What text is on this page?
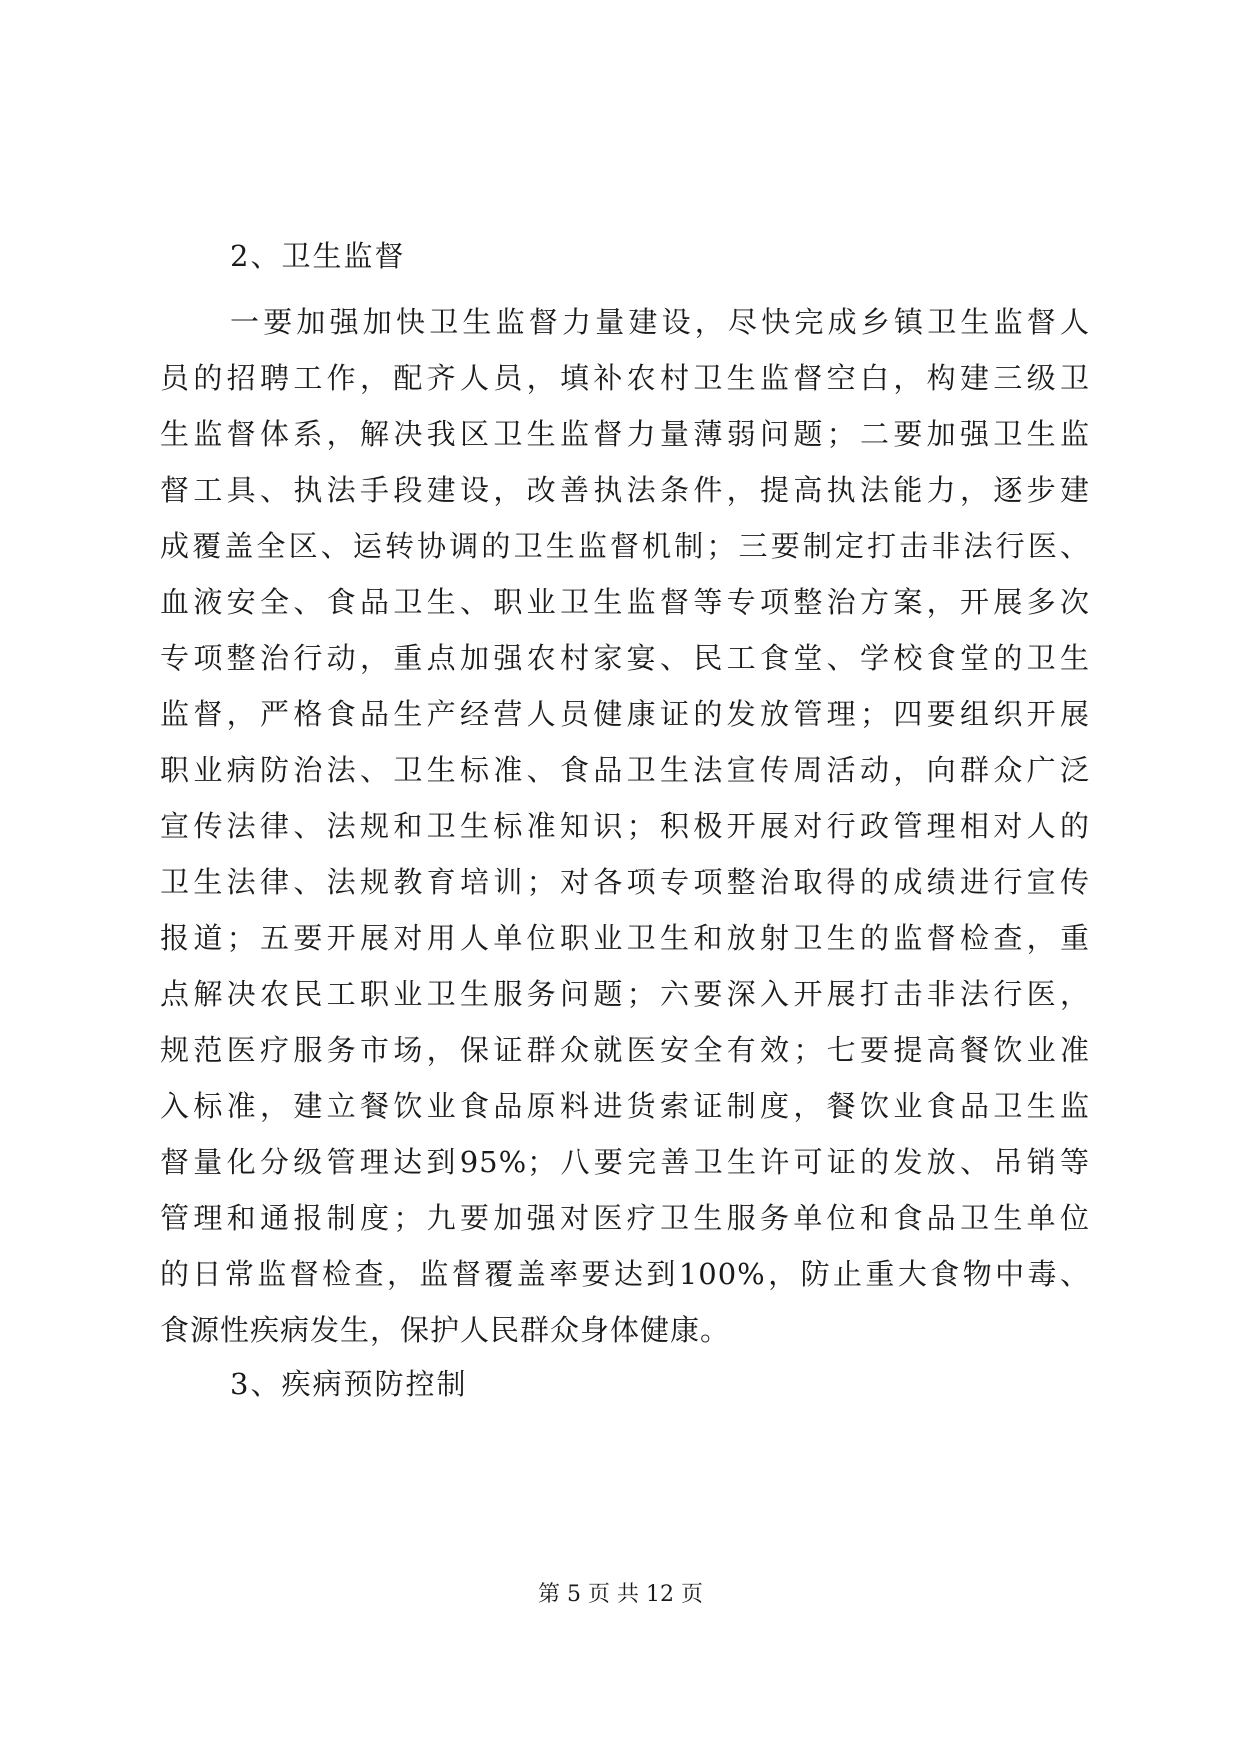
2、卫生监督
一要加强加快卫生监督力量建设，尽快完成乡镇卫生监督人
员的招聘工作，配齐人员，填补农村卫生监督空白，构建三级卫
生监督体系，解决我区卫生监督力量薄弱问题；二要加强卫生监
督工具、执法手段建设，改善执法条件，提高执法能力，逐步建
成覆盖全区、运转协调的卫生监督机制；三要制定打击非法行医、
血液安全、食品卫生、职业卫生监督等专项整治方案，开展多次
专项整治行动，重点加强农村家宴、民工食堂、学校食堂的卫生
监督，严格食品生产经营人员健康证的发放管理；四要组织开展
职业病防治法、卫生标准、食品卫生法宣传周活动，向群众广泛
宣传法律、法规和卫生标准知识；积极开展对行政管理相对人的
卫生法律、法规教育培训；对各项专项整治取得的成绩进行宣传
报道；五要开展对用人单位职业卫生和放射卫生的监督检查，重
点解决农民工职业卫生服务问题；六要深入开展打击非法行医，
规范医疗服务市场，保证群众就医安全有效；七要提高餐饮业准
入标准，建立餐饮业食品原料进货索证制度，餐饮业食品卫生监
督量化分级管理达到95%；八要完善卫生许可证的发放、吊销等
管理和通报制度；九要加强对医疗卫生服务单位和食品卫生单位
的日常监督检查，监督覆盖率要达到100%，防止重大食物中毒、
食源性疾病发生，保护人民群众身体健康。
3、疾病预防控制
第 5 页 共 12 页
